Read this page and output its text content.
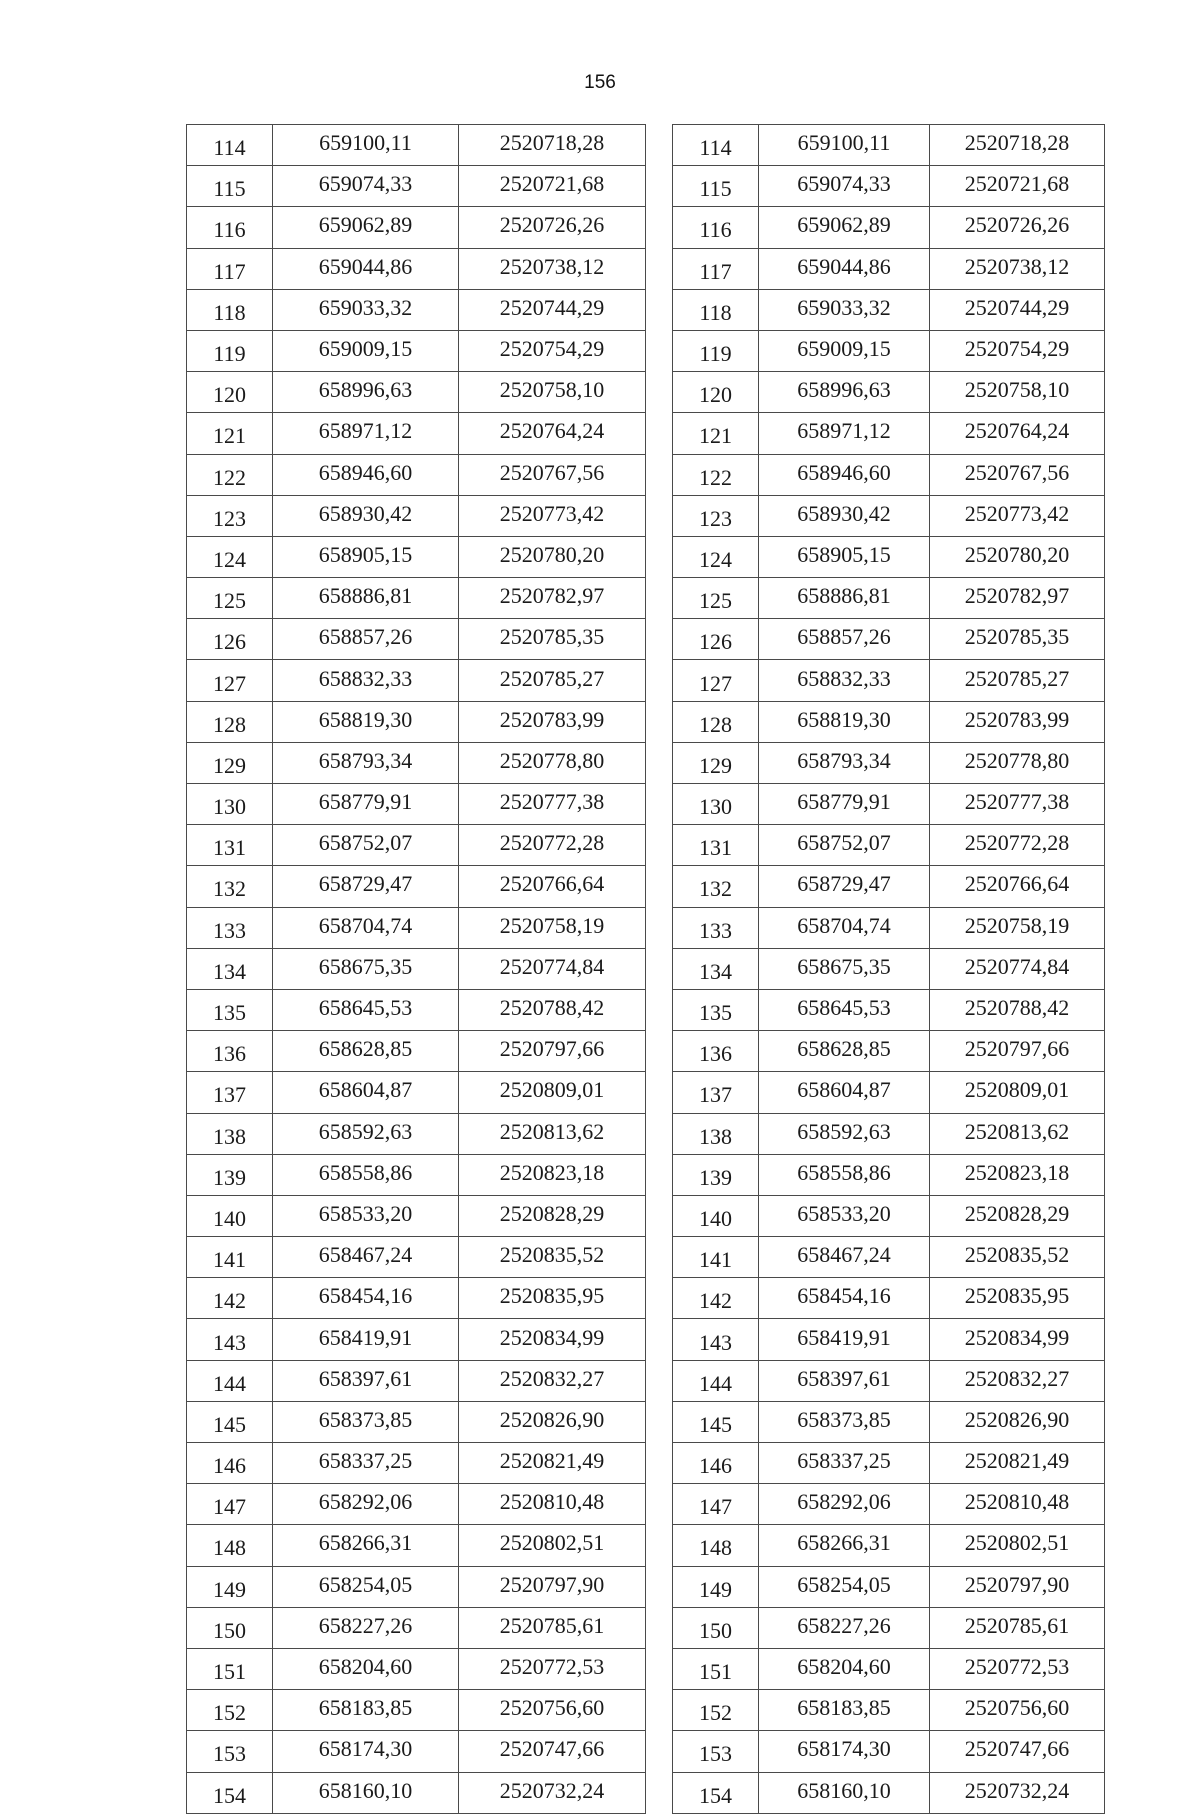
156
114	659100,11	2520718,28
115	659074,33	2520721,68
116	659062,89	2520726,26
117	659044,86	2520738,12
118	659033,32	2520744,29
119	659009,15	2520754,29
120	658996,63	2520758,10
121	658971,12	2520764,24
122	658946,60	2520767,56
123	658930,42	2520773,42
124	658905,15	2520780,20
125	658886,81	2520782,97
126	658857,26	2520785,35
127	658832,33	2520785,27
128	658819,30	2520783,99
129	658793,34	2520778,80
130	658779,91	2520777,38
131	658752,07	2520772,28
132	658729,47	2520766,64
133	658704,74	2520758,19
134	658675,35	2520774,84
135	658645,53	2520788,42
136	658628,85	2520797,66
137	658604,87	2520809,01
138	658592,63	2520813,62
139	658558,86	2520823,18
140	658533,20	2520828,29
141	658467,24	2520835,52
142	658454,16	2520835,95
143	658419,91	2520834,99
144	658397,61	2520832,27
145	658373,85	2520826,90
146	658337,25	2520821,49
147	658292,06	2520810,48
148	658266,31	2520802,51
149	658254,05	2520797,90
150	658227,26	2520785,61
151	658204,60	2520772,53
152	658183,85	2520756,60
153	658174,30	2520747,66
154	658160,10	2520732,24
114	659100,11	2520718,28
115	659074,33	2520721,68
116	659062,89	2520726,26
117	659044,86	2520738,12
118	659033,32	2520744,29
119	659009,15	2520754,29
120	658996,63	2520758,10
121	658971,12	2520764,24
122	658946,60	2520767,56
123	658930,42	2520773,42
124	658905,15	2520780,20
125	658886,81	2520782,97
126	658857,26	2520785,35
127	658832,33	2520785,27
128	658819,30	2520783,99
129	658793,34	2520778,80
130	658779,91	2520777,38
131	658752,07	2520772,28
132	658729,47	2520766,64
133	658704,74	2520758,19
134	658675,35	2520774,84
135	658645,53	2520788,42
136	658628,85	2520797,66
137	658604,87	2520809,01
138	658592,63	2520813,62
139	658558,86	2520823,18
140	658533,20	2520828,29
141	658467,24	2520835,52
142	658454,16	2520835,95
143	658419,91	2520834,99
144	658397,61	2520832,27
145	658373,85	2520826,90
146	658337,25	2520821,49
147	658292,06	2520810,48
148	658266,31	2520802,51
149	658254,05	2520797,90
150	658227,26	2520785,61
151	658204,60	2520772,53
152	658183,85	2520756,60
153	658174,30	2520747,66
154	658160,10	2520732,24
